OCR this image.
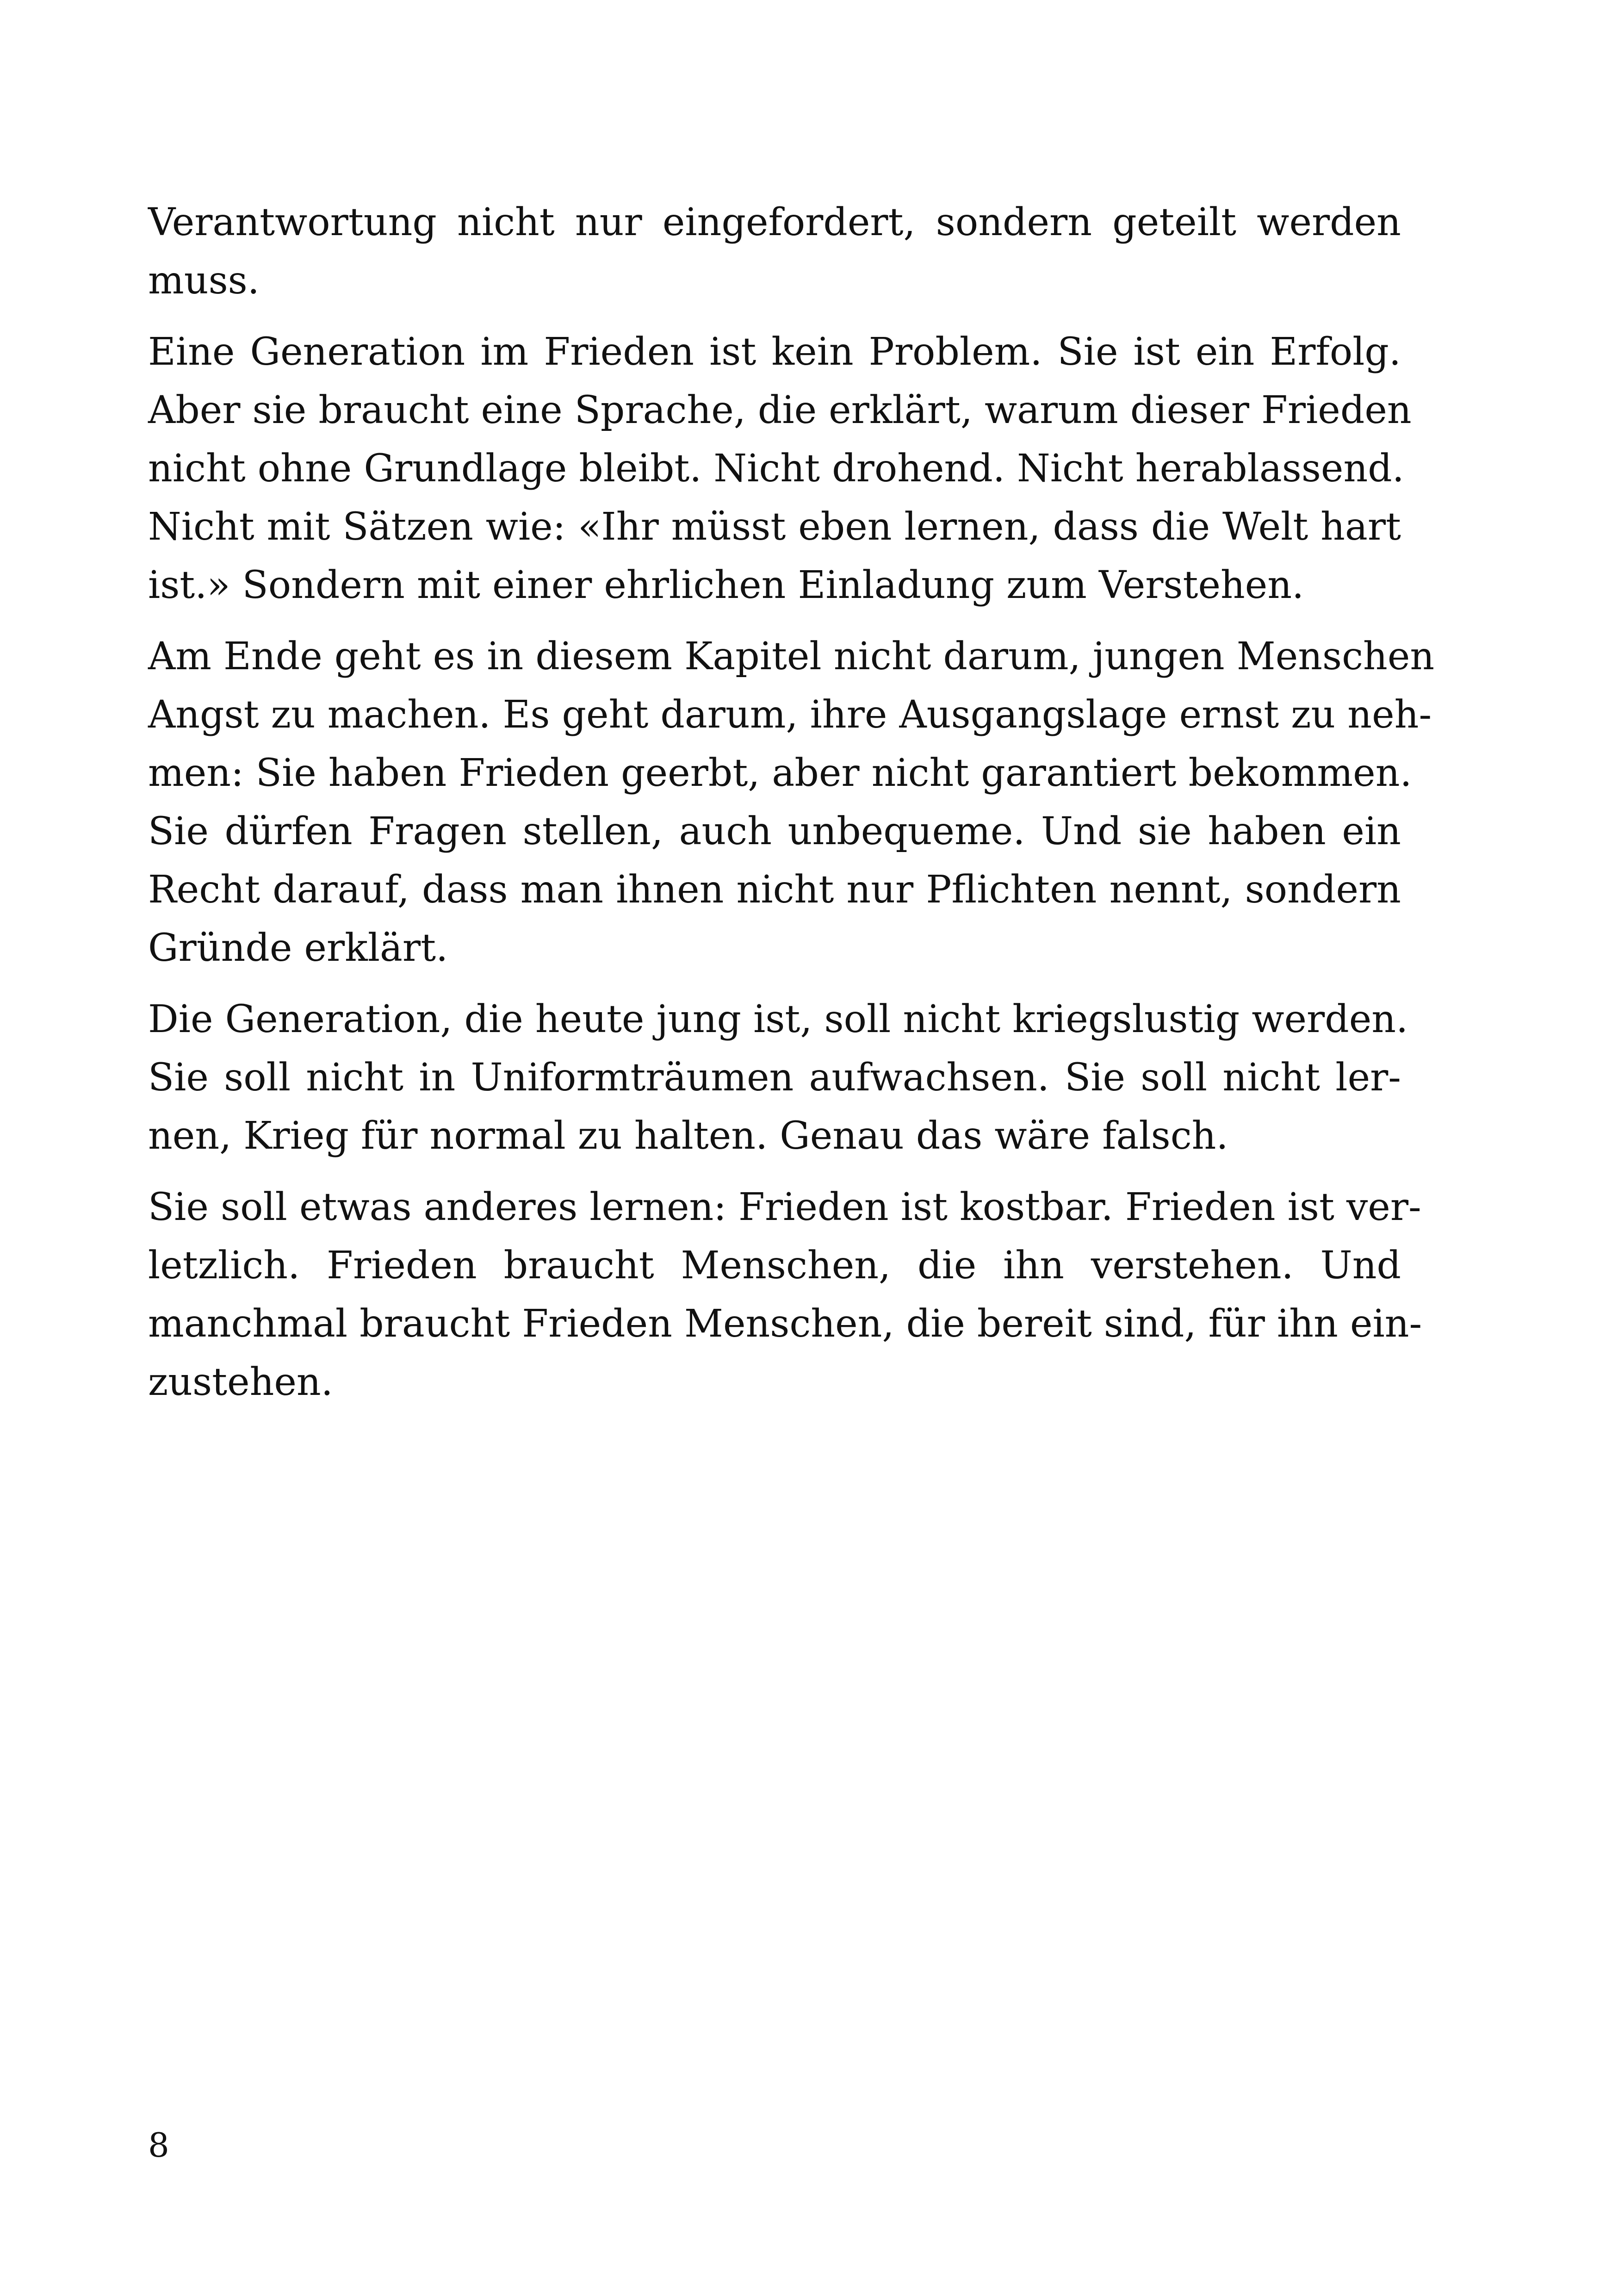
Verantwortung nicht nur eingefordert, sondern geteilt werden
muss.

Eine Generation im Frieden ist kein Problem. Sie ist ein Erfolg.
Aber sie braucht eine Sprache, die erklärt, warum dieser Frieden
nicht ohne Grundlage bleibt. Nicht drohend. Nicht herablassend.
Nicht mit Sätzen wie: «Ihr müsst eben lernen, dass die Welt hart
ist.» Sondern mit einer ehrlichen Einladung zum Verstehen.

Am Ende geht es in diesem Kapitel nicht darum, jungen Menschen
Angst zu machen. Es geht darum, ihre Ausgangslage ernst zu neh-
men: Sie haben Frieden geerbt, aber nicht garantiert bekommen.
Sie dürfen Fragen stellen, auch unbequeme. Und sie haben ein
Recht darauf, dass man ihnen nicht nur Pflichten nennt, sondern
Gründe erklärt.

Die Generation, die heute jung ist, soll nicht kriegslustig werden.
Sie soll nicht in Uniformträumen aufwachsen. Sie soll nicht ler-
nen, Krieg für normal zu halten. Genau das wäre falsch.

Sie soll etwas anderes lernen: Frieden ist kostbar. Frieden ist ver-
letzlich. Frieden braucht Menschen, die ihn verstehen. Und
manchmal braucht Frieden Menschen, die bereit sind, für ihn ein-
zustehen.

8
